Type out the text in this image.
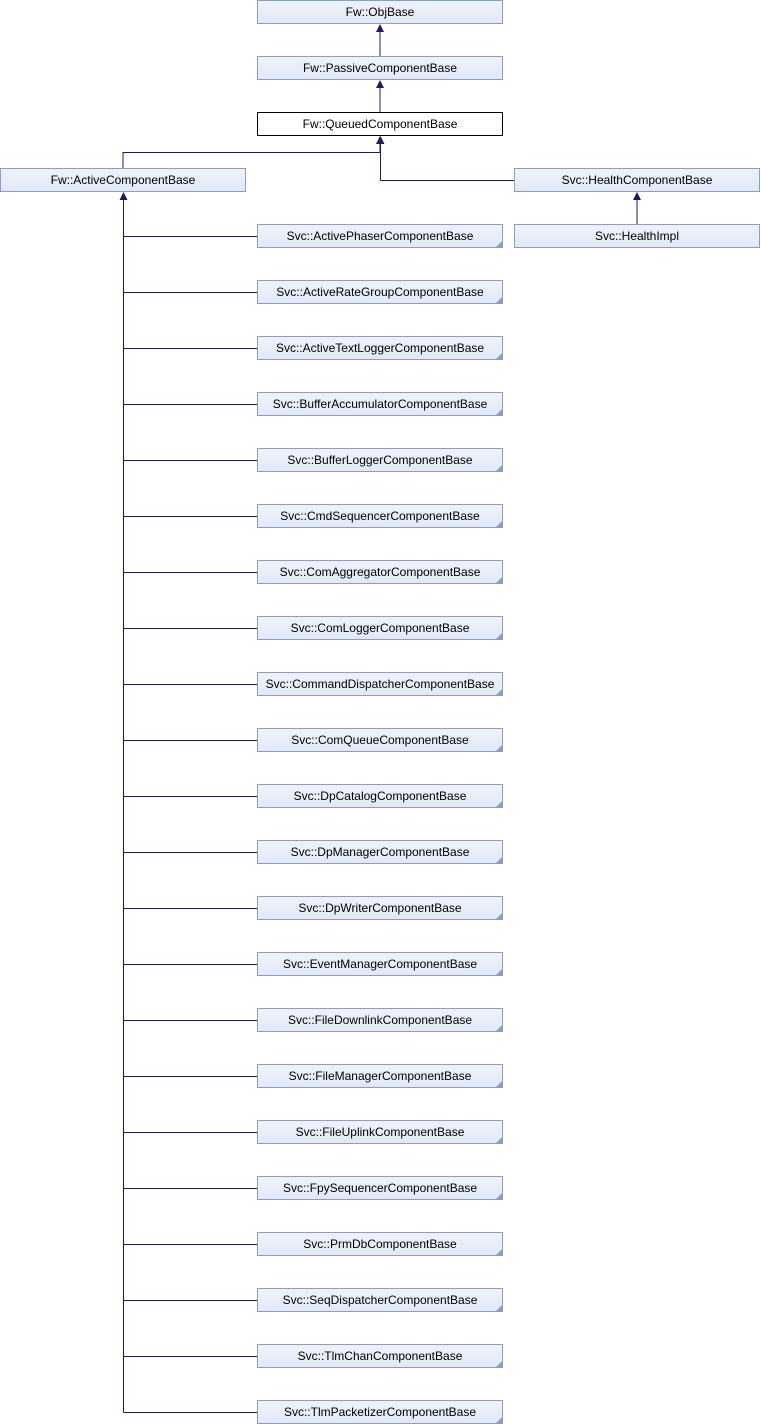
Fw::ObjBase
Fw::PassiveComponentBase
Fw::QueuedComponentBase
Fw::ActiveComponentBase	Svc::HealthComponentBase
Svc::HealthImpl
Svc::ActivePhaserComponentBase
Svc::ActiveRateGroupComponentBase
Svc::ActiveTextLoggerComponentBase
Svc::BufferAccumulatorComponentBase
Svc::BufferLoggerComponentBase
Svc::CmdSequencerComponentBase
Svc::ComAggregatorComponentBase
Svc::ComLoggerComponentBase
Svc::CommandDispatcherComponentBase
Svc::ComQueueComponentBase
Svc::DpCatalogComponentBase
Svc::DpManagerComponentBase
Svc::DpWriterComponentBase
Svc::EventManagerComponentBase
Svc::FileDownlinkComponentBase
Svc::FileManagerComponentBase
Svc::FileUplinkComponentBase
Svc::FpySequencerComponentBase
Svc::PrmDbComponentBase
Svc::SeqDispatcherComponentBase
Svc::TlmChanComponentBase
Svc::TlmPacketizerComponentBase
